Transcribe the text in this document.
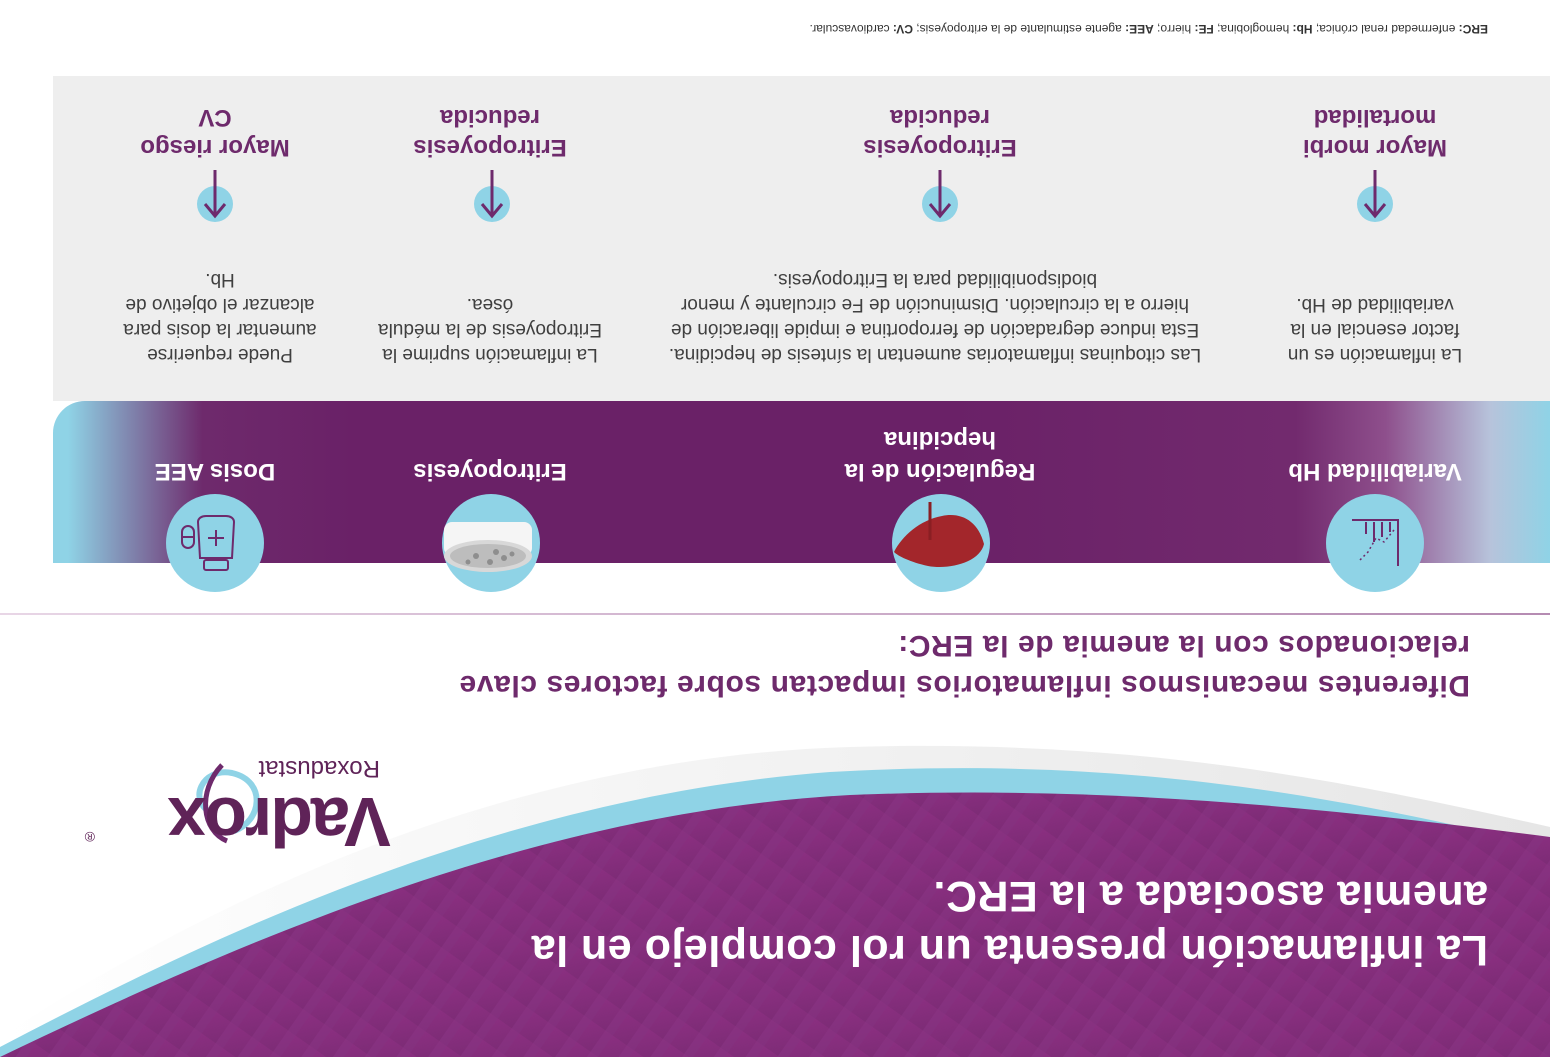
La inflamación presenta un rol complejo en la anemia asociada a la ERC.
Vadrox
®
Roxadustat
Diferentes mecanismos inflamatorios impactan sobre factores clave relacionados con la anemia de la ERC:
Variabilidad Hb
La inflamación es un factor esencial en la variabilidad de Hb.
Mayor morbi mortalidad
Regulación de la hepcidina
Las citoquinas inflamatorias aumentan la síntesis de hepcidina. Esta induce degradación de ferroportina e impide liberación de hierro a la circulación. Disminución de Fe circulante y menor biodisponibilidad para la Eritropoyesis.
Eritropoyesis reducida
Eritropoyesis
La inflamación suprime la Eritropoyesis de la médula ósea.
Eritropoyesis reducida
Dosis AEE
Puede requerirse aumentar la dosis para alcanzar el objetivo de Hb.
Mayor riesgo CV
ERC: enfermedad renal crónica; Hb: hemoglobina; FE: hierro; AEE: agente estimulante de la eritropoyesis; CV: cardiovascular.
